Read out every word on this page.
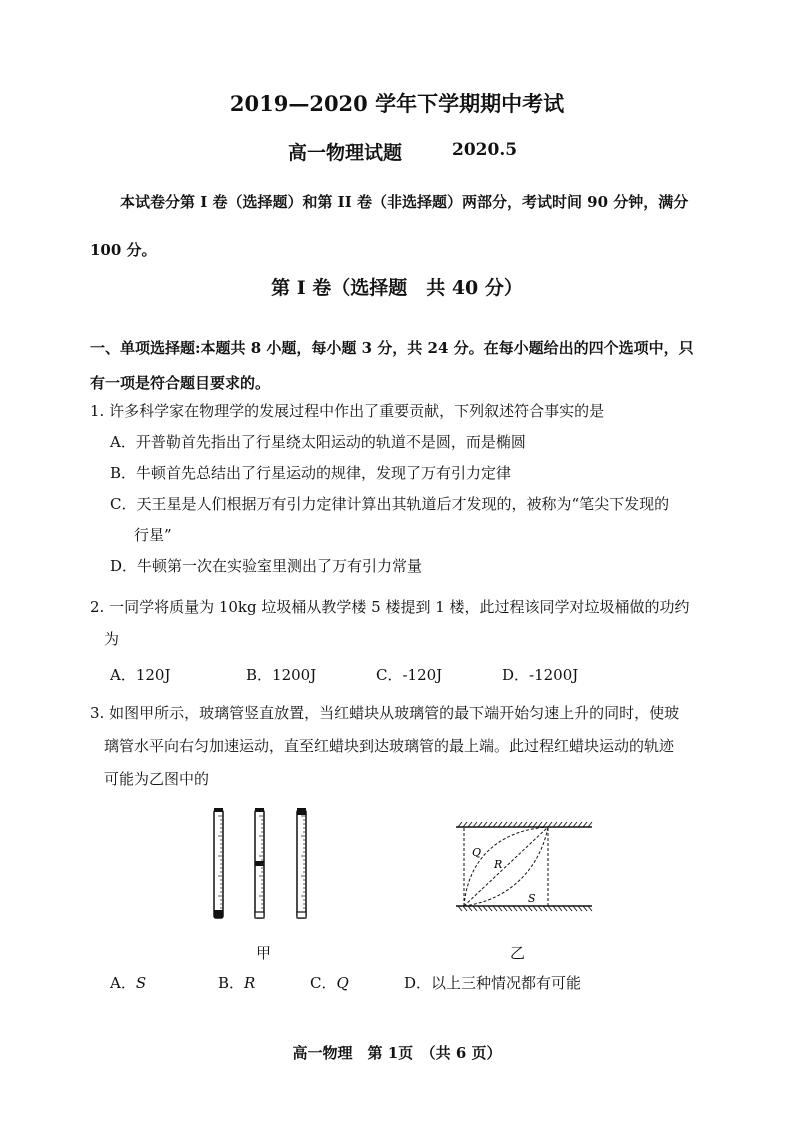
2019—2020 学年下学期期中考试
高一物理试题	2020.5
本试卷分第 I 卷（选择题）和第 II 卷（非选择题）两部分，考试时间 90 分钟，满分
100 分。
第 I 卷（选择题　共 40 分）
一、单项选择题:本题共 8 小题，每小题 3 分，共 24 分。在每小题给出的四个选项中，只
有一项是符合题目要求的。
1. 许多科学家在物理学的发展过程中作出了重要贡献，下列叙述符合事实的是
A．开普勒首先指出了行星绕太阳运动的轨道不是圆，而是椭圆
B．牛顿首先总结出了行星运动的规律，发现了万有引力定律
C．天王星是人们根据万有引力定律计算出其轨道后才发现的，被称为“笔尖下发现的
行星”
D．牛顿第一次在实验室里测出了万有引力常量
2. 一同学将质量为 10kg 垃圾桶从教学楼 5 楼提到 1 楼，此过程该同学对垃圾桶做的功约
为
A．120J	B．1200J	C．-120J	D．-1200J
3. 如图甲所示，玻璃管竖直放置，当红蜡块从玻璃管的最下端开始匀速上升的同时，使玻
璃管水平向右匀加速运动，直至红蜡块到达玻璃管的最上端。此过程红蜡块运动的轨迹
可能为乙图中的
Q
R
S
甲	乙
A．S	B．R	C．Q	D．以上三种情况都有可能
高一物理　第 1页　（共 6 页）
